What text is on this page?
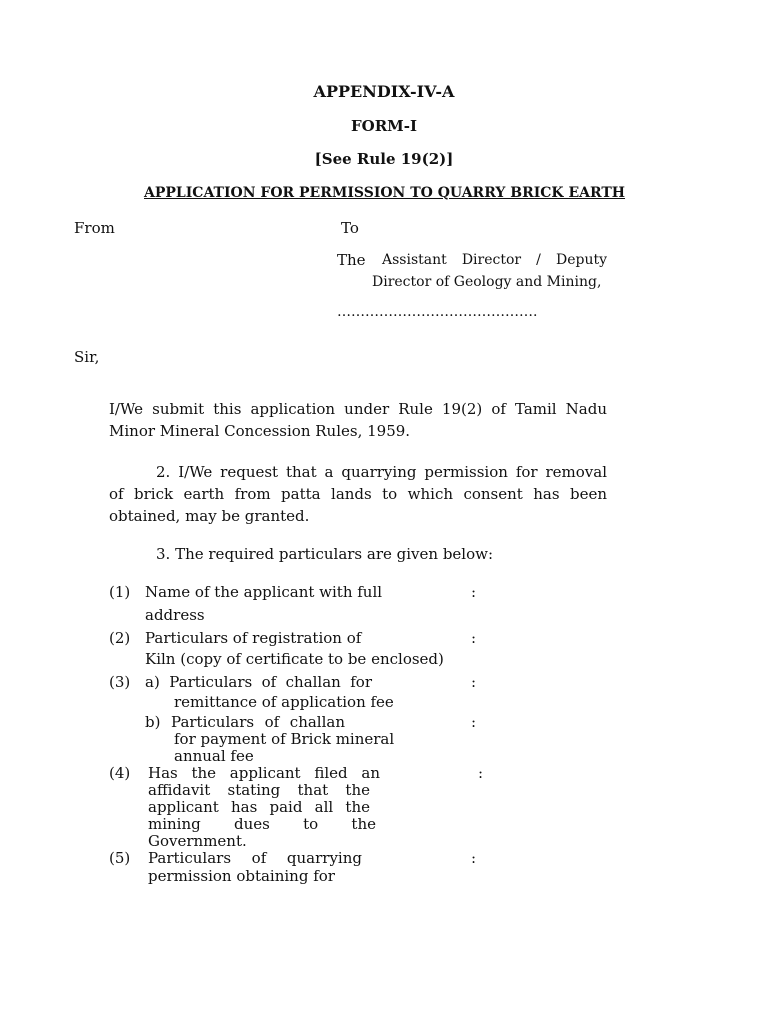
APPENDIX-IV-A
FORM-I
[See Rule 19(2)]
APPLICATION FOR PERMISSION TO QUARRY BRICK EARTH
From	To
The Assistant Director / Deputy
Director of Geology and Mining,
…………………………………….
Sir,
I/We submit this application under Rule 19(2) of Tamil Nadu
Minor Mineral Concession Rules, 1959.
2. I/We request that a quarrying permission for removal
of brick earth from patta lands to which consent has been
obtained, may be granted.
3. The required particulars are given below:
(1) Name of the applicant with full
address
:
(2) Particulars of registration of
Kiln (copy of certificate to be enclosed)
:
(3) a) Particulars of challan for
remittance of application fee
:
b) Particulars of challan
for payment of Brick mineral
annual fee
:
(4) Has the applicant filed an
affidavit stating that the
applicant has paid all the
mining dues to the
Government.
:
(5) Particulars of quarrying
permission obtaining for
:
